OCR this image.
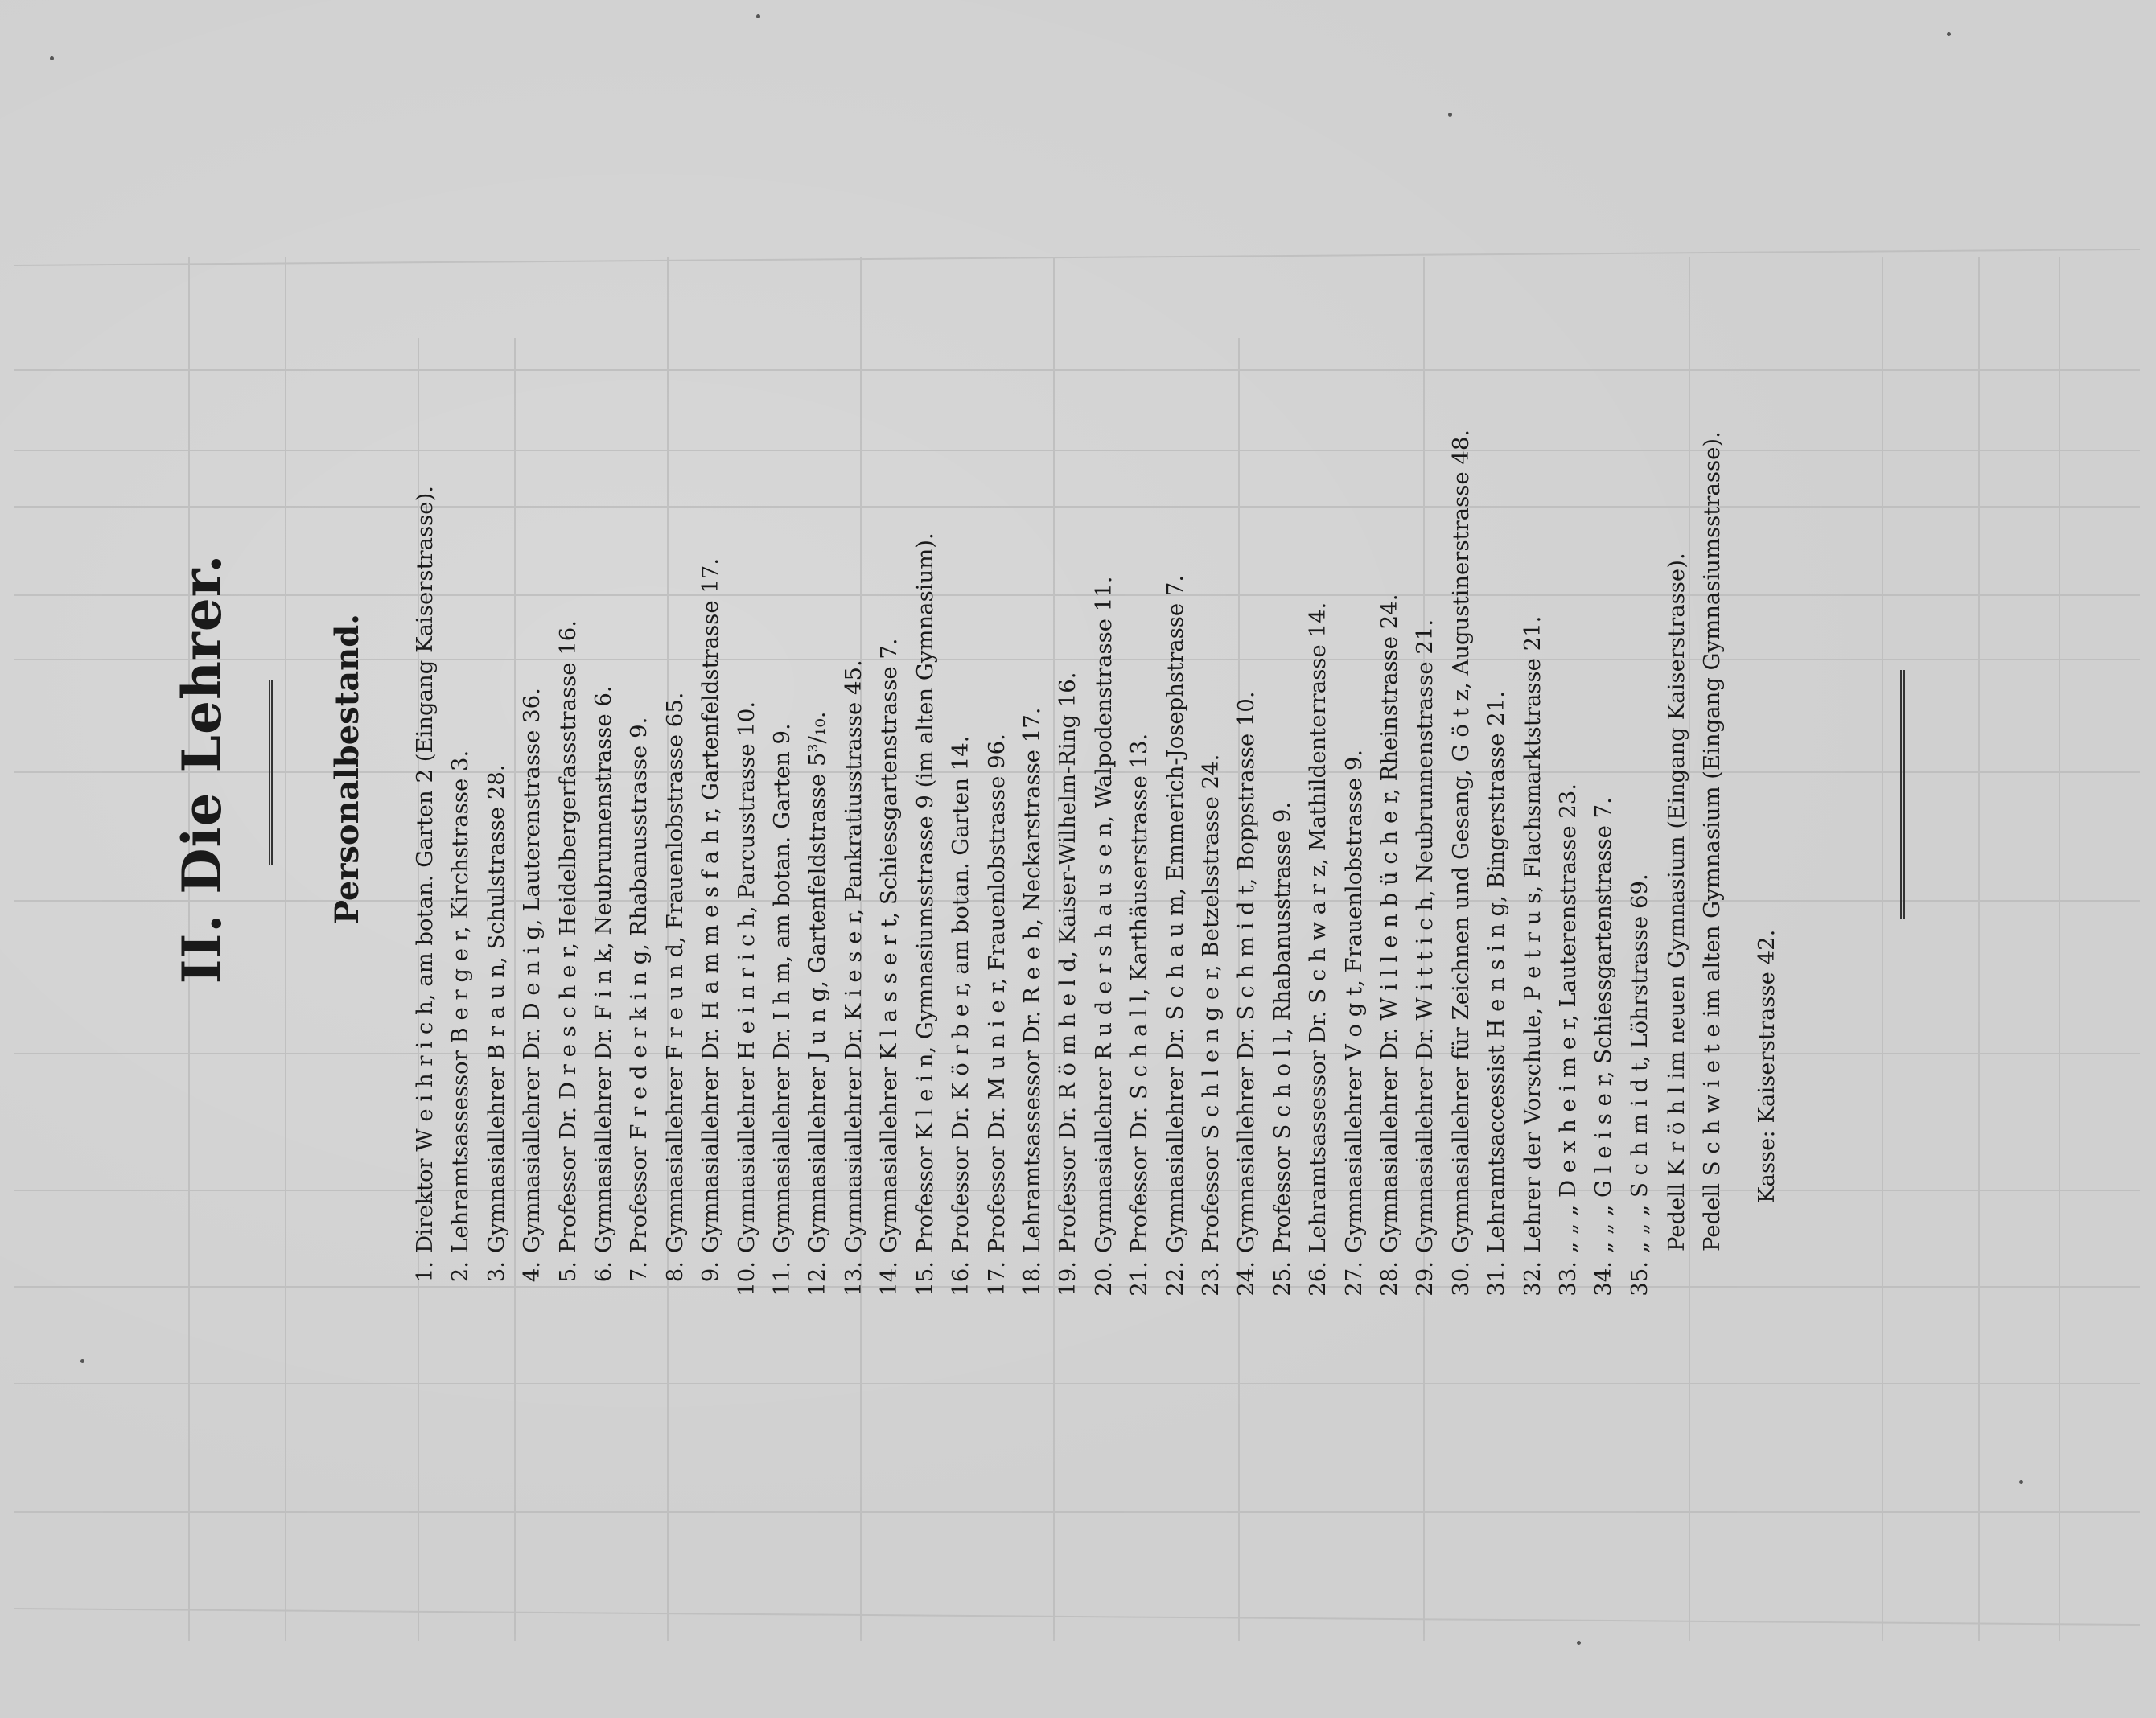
II. Die Lehrer.	Personalbestand.
1.
Direktor W e i h r i c h, am botan. Garten 2 (Eingang Kaiserstrasse).
2.
Lehramtsassessor B e r g e r, Kirchstrasse 3.
3.
Gymnasiallehrer B r a u n, Schulstrasse 28.
4.
Gymnasiallehrer Dr. D e n i g, Lauterenstrasse 36.
5.
Professor Dr. D r e s c h e r, Heidelbergerfassstrasse 16.
6.
Gymnasiallehrer Dr. F i n k, Neubrunnenstrasse 6.
7.
Professor F r e d e r k i n g, Rhabanusstrasse 9.
8.
Gymnasiallehrer F r e u n d, Frauenlobstrasse 65.
9.
Gymnasiallehrer Dr. H a m m e s f a h r, Gartenfeldstrasse 17.
10.
Gymnasiallehrer H e i n r i c h, Parcusstrasse 10.
11.
Gymnasiallehrer Dr. I h m, am botan. Garten 9.
12.
Gymnasiallehrer J u n g, Gartenfeldstrasse 5³/₁₀.
13.
Gymnasiallehrer Dr. K i e s e r, Pankratiusstrasse 45.
14.
Gymnasiallehrer K l a s s e r t, Schiessgartenstrasse 7.
15.
Professor K l e i n, Gymnasiumsstrasse 9 (im alten Gymnasium).
16.
Professor Dr. K ö r b e r, am botan. Garten 14.
17.
Professor Dr. M u n i e r, Frauenlobstrasse 96.
18.
Lehramtsassessor Dr. R e e b, Neckarstrasse 17.
19.
Professor Dr. R ö m h e l d, Kaiser-Wilhelm-Ring 16.
20.
Gymnasiallehrer R u d e r s h a u s e n, Walpodenstrasse 11.
21.
Professor Dr. S c h a l l, Karthäuserstrasse 13.
22.
Gymnasiallehrer Dr. S c h a u m, Emmerich-Josephstrasse 7.
23.
Professor S c h l e n g e r, Betzelsstrasse 24.
24.
Gymnasiallehrer Dr. S c h m i d t, Boppstrasse 10.
25.
Professor S c h o l l, Rhabanusstrasse 9.
26.
Lehramtsassessor Dr. S c h w a r z, Mathildenterrasse 14.
27.
Gymnasiallehrer V o g t, Frauenlobstrasse 9.
28.
Gymnasiallehrer Dr. W i l l e n b ü c h e r, Rheinstrasse 24.
29.
Gymnasiallehrer Dr. W i t t i c h, Neubrunnenstrasse 21.
30.
Gymnasiallehrer für Zeichnen und Gesang, G ö t z, Augustinerstrasse 48.
31.
Lehramtsaccessist H e n s i n g, Bingerstrasse 21.
32.
Lehrer der Vorschule, P e t r u s, Flachsmarktstrasse 21.
33.
„ „ „ D e x h e i m e r, Lauterenstrasse 23.
34.
„ „ „ G l e i s e r, Schiessgartenstrasse 7.
35.
„ „ „ S c h m i d t, Löhrstrasse 69. Pedell K r ö h l im neuen Gymnasium (Eingang Kaiserstrasse). Pedell S c h w i e t e im alten Gymnasium (Eingang Gymnasiumsstrasse). Kasse: Kaiserstrasse 42.
